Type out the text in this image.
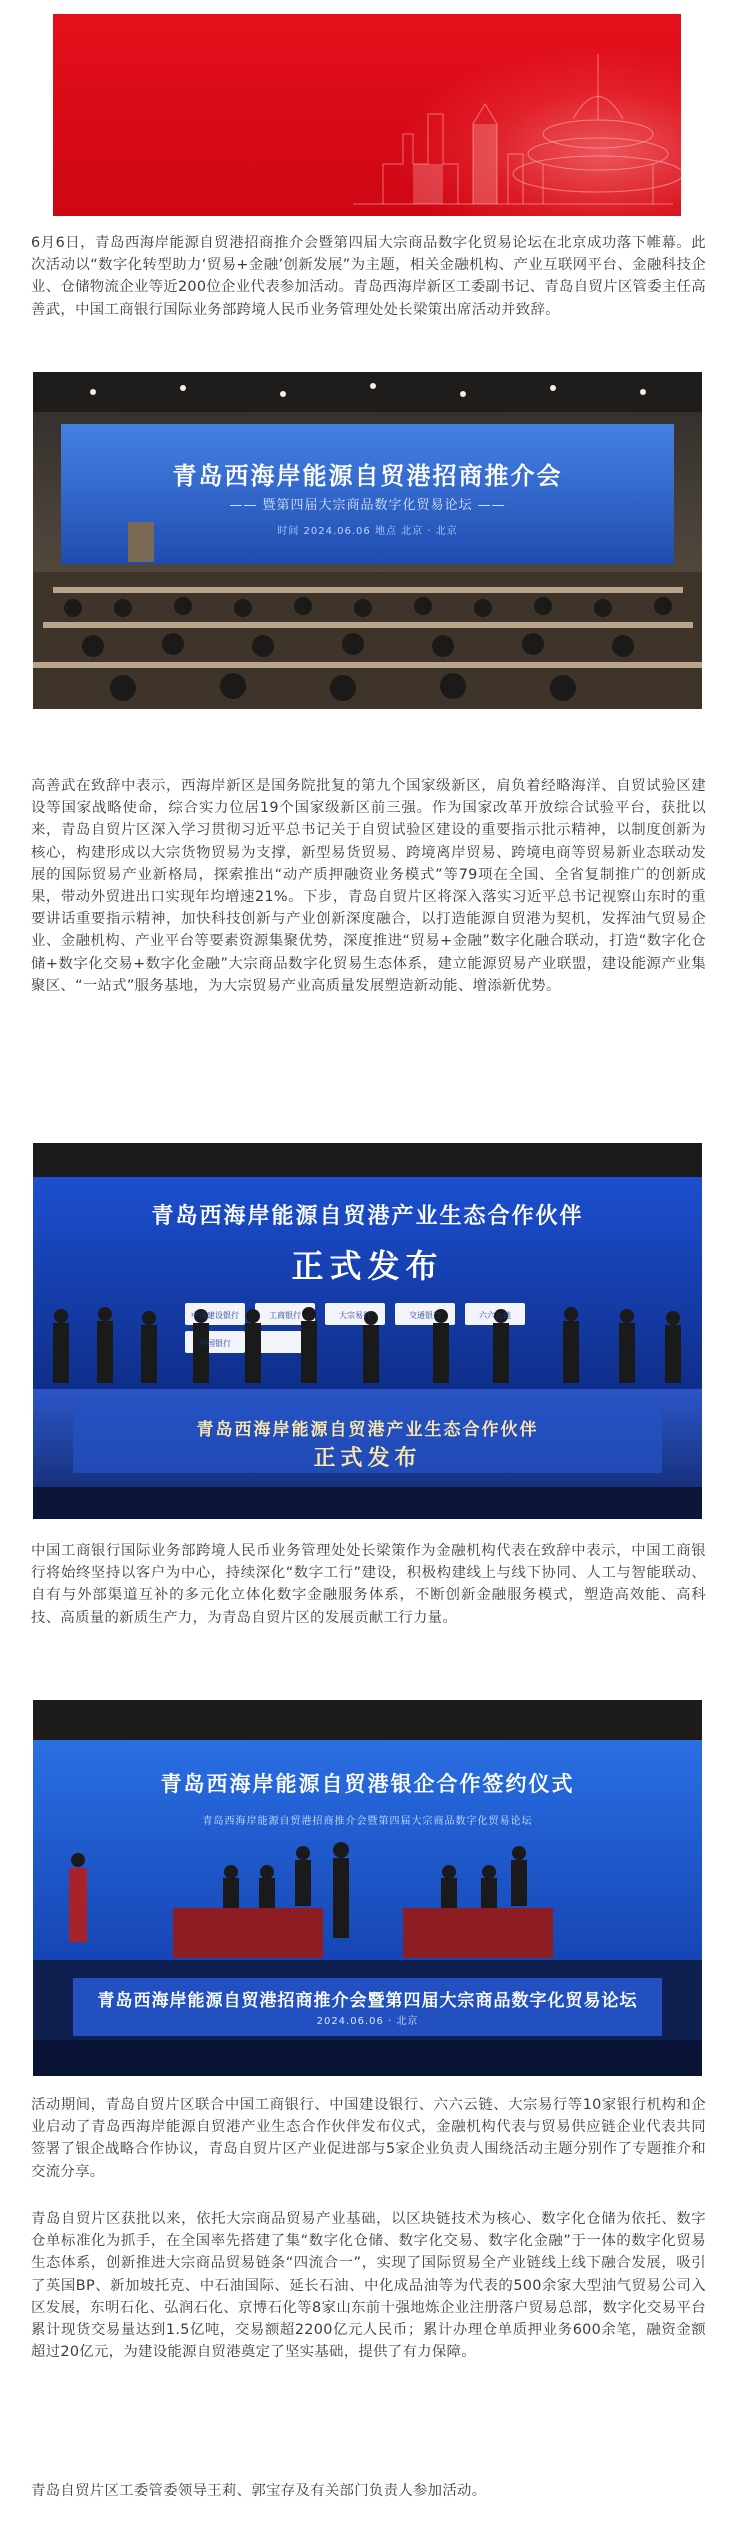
6月6日，青岛西海岸能源自贸港招商推介会暨第四届大宗商品数字化贸易论坛在北京成功落下帷幕。此次活动以“数字化转型助力‘贸易+金融’创新发展”为主题，相关金融机构、产业互联网平台、金融科技企业、仓储物流企业等近200位企业代表参加活动。青岛西海岸新区工委副书记、青岛自贸片区管委主任高善武，中国工商银行国际业务部跨境人民币业务管理处处长梁策出席活动并致辞。

青岛西海岸能源自贸港招商推介会
—— 暨第四届大宗商品数字化贸易论坛 ——
时间 2024.06.06 地点 北京 · 北京

高善武在致辞中表示，西海岸新区是国务院批复的第九个国家级新区，肩负着经略海洋、自贸试验区建设等国家战略使命，综合实力位居19个国家级新区前三强。作为国家改革开放综合试验平台，获批以来，青岛自贸片区深入学习贯彻习近平总书记关于自贸试验区建设的重要指示批示精神，以制度创新为核心，构建形成以大宗货物贸易为支撑，新型易货贸易、跨境离岸贸易、跨境电商等贸易新业态联动发展的国际贸易产业新格局，探索推出“动产质押融资业务模式”等79项在全国、全省复制推广的创新成果，带动外贸进出口实现年均增速21%。下步，青岛自贸片区将深入落实习近平总书记视察山东时的重要讲话重要指示精神，加快科技创新与产业创新深度融合，以打造能源自贸港为契机，发挥油气贸易企业、金融机构、产业平台等要素资源集聚优势，深度推进“贸易+金融”数字化融合联动，打造“数字化仓储+数字化交易+数字化金融”大宗商品数字化贸易生态体系，建立能源贸易产业联盟，建设能源产业集聚区、“一站式”服务基地，为大宗贸易产业高质量发展塑造新动能、增添新优势。

青岛西海岸能源自贸港产业生态合作伙伴
正式发布
青岛西海岸能源自贸港产业生态合作伙伴
正式发布
中国建设银行	工商银行	大宗易行	交通银行	六六云链
中国银行

中国工商银行国际业务部跨境人民币业务管理处处长梁策作为金融机构代表在致辞中表示，中国工商银行将始终坚持以客户为中心，持续深化“数字工行”建设，积极构建线上与线下协同、人工与智能联动、自有与外部渠道互补的多元化立体化数字金融服务体系，不断创新金融服务模式，塑造高效能、高科技、高质量的新质生产力，为青岛自贸片区的发展贡献工行力量。

青岛西海岸能源自贸港银企合作签约仪式
青岛西海岸能源自贸港招商推介会暨第四届大宗商品数字化贸易论坛
青岛西海岸能源自贸港招商推介会暨第四届大宗商品数字化贸易论坛
2024.06.06 · 北京

活动期间，青岛自贸片区联合中国工商银行、中国建设银行、六六云链、大宗易行等10家银行机构和企业启动了青岛西海岸能源自贸港产业生态合作伙伴发布仪式，金融机构代表与贸易供应链企业代表共同签署了银企战略合作协议，青岛自贸片区产业促进部与5家企业负责人围绕活动主题分别作了专题推介和交流分享。

青岛自贸片区获批以来，依托大宗商品贸易产业基础，以区块链技术为核心、数字化仓储为依托、数字仓单标准化为抓手，在全国率先搭建了集“数字化仓储、数字化交易、数字化金融”于一体的数字化贸易生态体系，创新推进大宗商品贸易链条“四流合一”，实现了国际贸易全产业链线上线下融合发展，吸引了英国BP、新加坡托克、中石油国际、延长石油、中化成品油等为代表的500余家大型油气贸易公司入区发展，东明石化、弘润石化、京博石化等8家山东前十强地炼企业注册落户贸易总部，数字化交易平台累计现货交易量达到1.5亿吨，交易额超2200亿元人民币；累计办理仓单质押业务600余笔，融资金额超过20亿元，为建设能源自贸港奠定了坚实基础，提供了有力保障。

青岛自贸片区工委管委领导王莉、郭宝存及有关部门负责人参加活动。
